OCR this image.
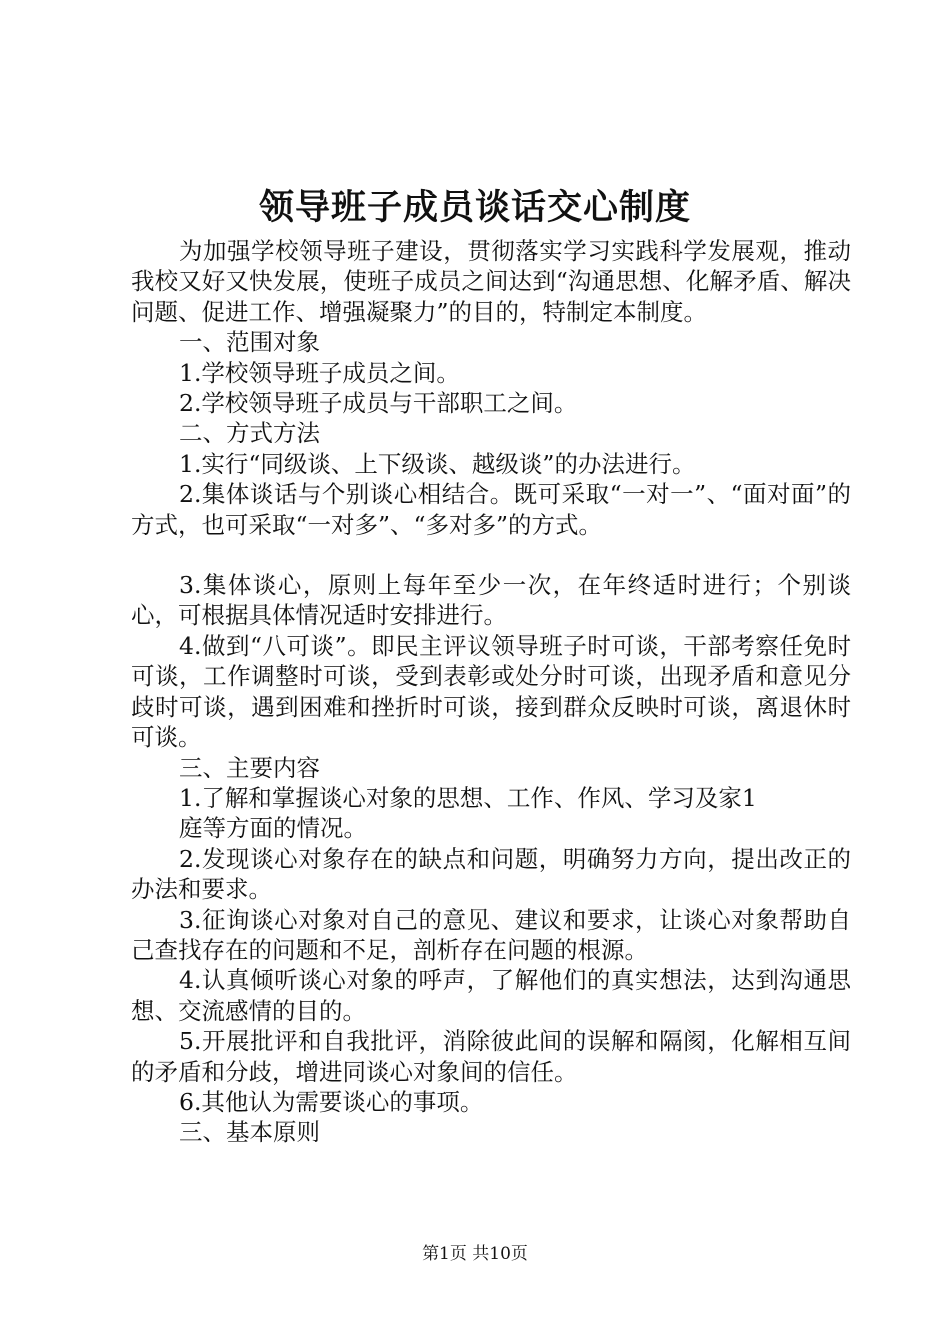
领导班子成员谈话交心制度

为加强学校领导班子建设，贯彻落实学习实践科学发展观，推动我校又好又快发展，使班子成员之间达到“沟通思想、化解矛盾、解决问题、促进工作、增强凝聚力”的目的，特制定本制度。

一、范围对象

1.学校领导班子成员之间。

2.学校领导班子成员与干部职工之间。

二、方式方法

1.实行“同级谈、上下级谈、越级谈”的办法进行。

2.集体谈话与个别谈心相结合。既可采取“一对一”、“面对面”的方式，也可采取“一对多”、“多对多”的方式。

3.集体谈心，原则上每年至少一次，在年终适时进行；个别谈心，可根据具体情况适时安排进行。

4.做到“八可谈”。即民主评议领导班子时可谈，干部考察任免时可谈，工作调整时可谈，受到表彰或处分时可谈，出现矛盾和意见分歧时可谈，遇到困难和挫折时可谈，接到群众反映时可谈，离退休时可谈。

三、主要内容

1.了解和掌握谈心对象的思想、工作、作风、学习及家1

庭等方面的情况。

2.发现谈心对象存在的缺点和问题，明确努力方向，提出改正的办法和要求。

3.征询谈心对象对自己的意见、建议和要求，让谈心对象帮助自己查找存在的问题和不足，剖析存在问题的根源。

4.认真倾听谈心对象的呼声，了解他们的真实想法，达到沟通思想、交流感情的目的。

5.开展批评和自我批评，消除彼此间的误解和隔阂，化解相互间的矛盾和分歧，增进同谈心对象间的信任。

6.其他认为需要谈心的事项。

三、基本原则

第1页 共10页
